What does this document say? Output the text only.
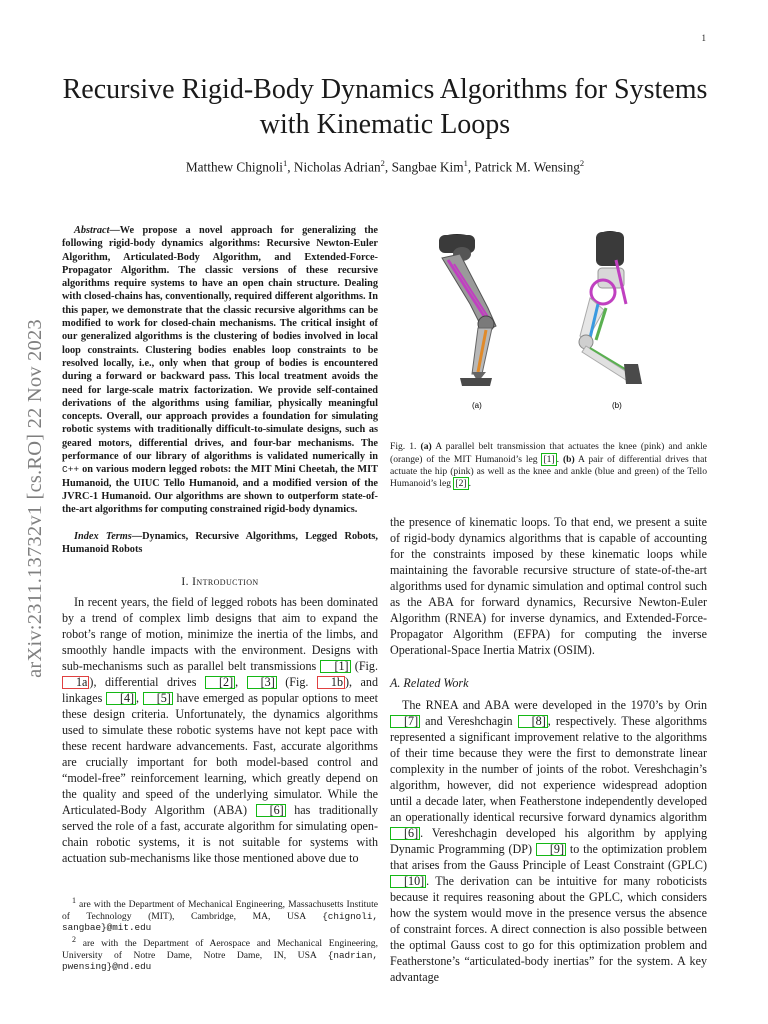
1
arXiv:2311.13732v1 [cs.RO] 22 Nov 2023
Recursive Rigid-Body Dynamics Algorithms for Systems with Kinematic Loops
Matthew Chignoli$^1$, Nicholas Adrian$^2$, Sangbae Kim$^1$, Patrick M. Wensing$^2$

Abstract—We propose a novel approach for generalizing the following rigid-body dynamics algorithms: Recursive Newton-Euler Algorithm, Articulated-Body Algorithm, and Extended-Force-Propagator Algorithm. The classic versions of these recursive algorithms require systems to have an open chain structure. Dealing with closed-chains has, conventionally, required different algorithms. In this paper, we demonstrate that the classic recursive algorithms can be modified to work for closed-chain mechanisms. The critical insight of our generalized algorithms is the clustering of bodies involved in local loop constraints. Clustering bodies enables loop constraints to be resolved locally, i.e., only when that group of bodies is encountered during a forward or backward pass. This local treatment avoids the need for large-scale matrix factorization. We provide self-contained derivations of the algorithms using familiar, physically meaningful concepts. Overall, our approach provides a foundation for simulating robotic systems with traditionally difficult-to-simulate designs, such as geared motors, differential drives, and four-bar mechanisms. The performance of our library of algorithms is validated numerically in C++ on various modern legged robots: the MIT Mini Cheetah, the MIT Humanoid, the UIUC Tello Humanoid, and a modified version of the JVRC-1 Humanoid. Our algorithms are shown to outperform state-of-the-art algorithms for computing constrained rigid-body dynamics.

Index Terms—Dynamics, Recursive Algorithms, Legged Robots, Humanoid Robots

I. Introduction

In recent years, the field of legged robots has been dominated by a trend of complex limb designs that aim to expand the robot’s range of motion, minimize the inertia of the limbs, and smoothly handle impacts with the environment. Designs with sub-mechanisms such as parallel belt transmissions [1] (Fig. 1a ), differential drives [2] , [3] (Fig. 1b ), and linkages [4] , [5] have emerged as popular options to meet these design criteria. Unfortunately, the dynamics algorithms used to simulate these robotic systems have not kept pace with these recent hardware advancements. Fast, accurate algorithms are crucially important for both model-based control and “model-free” reinforcement learning, which greatly depend on the quality and speed of the underlying simulator. While the Articulated-Body Algorithm (ABA) [6] has traditionally served the role of a fast, accurate algorithm for simulating open-chain robotic systems, it is not suitable for systems with actuation sub-mechanisms like those mentioned above due to

$^1$ are with the Department of Mechanical Engineering, Massachusetts Institute of Technology (MIT), Cambridge, MA, USA {chignoli, sangbae}@mit.edu

$^2$ are with the Department of Aerospace and Mechanical Engineering, University of Notre Dame, Notre Dame, IN, USA {nadrian, pwensing}@nd.edu

(a)	(b)
Fig. 1. (a) A parallel belt transmission that actuates the knee (pink) and ankle (orange) of the MIT Humanoid’s leg [1] . (b) A pair of differential drives that actuate the hip (pink) as well as the knee and ankle (blue and green) of the Tello Humanoid’s leg [2] .

the presence of kinematic loops. To that end, we present a suite of rigid-body dynamics algorithms that is capable of accounting for the constraints imposed by these kinematic loops while maintaining the favorable recursive structure of state-of-the-art algorithms used for dynamic simulation and optimal control such as the ABA for forward dynamics, Recursive Newton-Euler Algorithm (RNEA) for inverse dynamics, and Extended-Force-Propagator Algorithm (EFPA) for computing the inverse Operational-Space Inertia Matrix (OSIM).

A. Related Work

The RNEA and ABA were developed in the 1970’s by Orin [7] and Vereshchagin [8] , respectively. These algorithms represented a significant improvement relative to the algorithms of their time because they were the first to demonstrate linear complexity in the number of joints of the robot. Vereshchagin’s algorithm, however, did not experience widespread adoption until a decade later, when Featherstone independently developed an operationally identical recursive forward dynamics algorithm [6] . Vereshchagin developed his algorithm by applying Dynamic Programming (DP) [9] to the optimization problem that arises from the Gauss Principle of Least Constraint (GPLC) [10] . The derivation can be intuitive for many roboticists because it requires reasoning about the GPLC, which considers how the system would move in the presence versus the absence of constraint forces. A direct connection is also possible between the optimal Gauss cost to go for this optimization problem and Featherstone’s “articulated-body inertias” for the system. A key advantage
